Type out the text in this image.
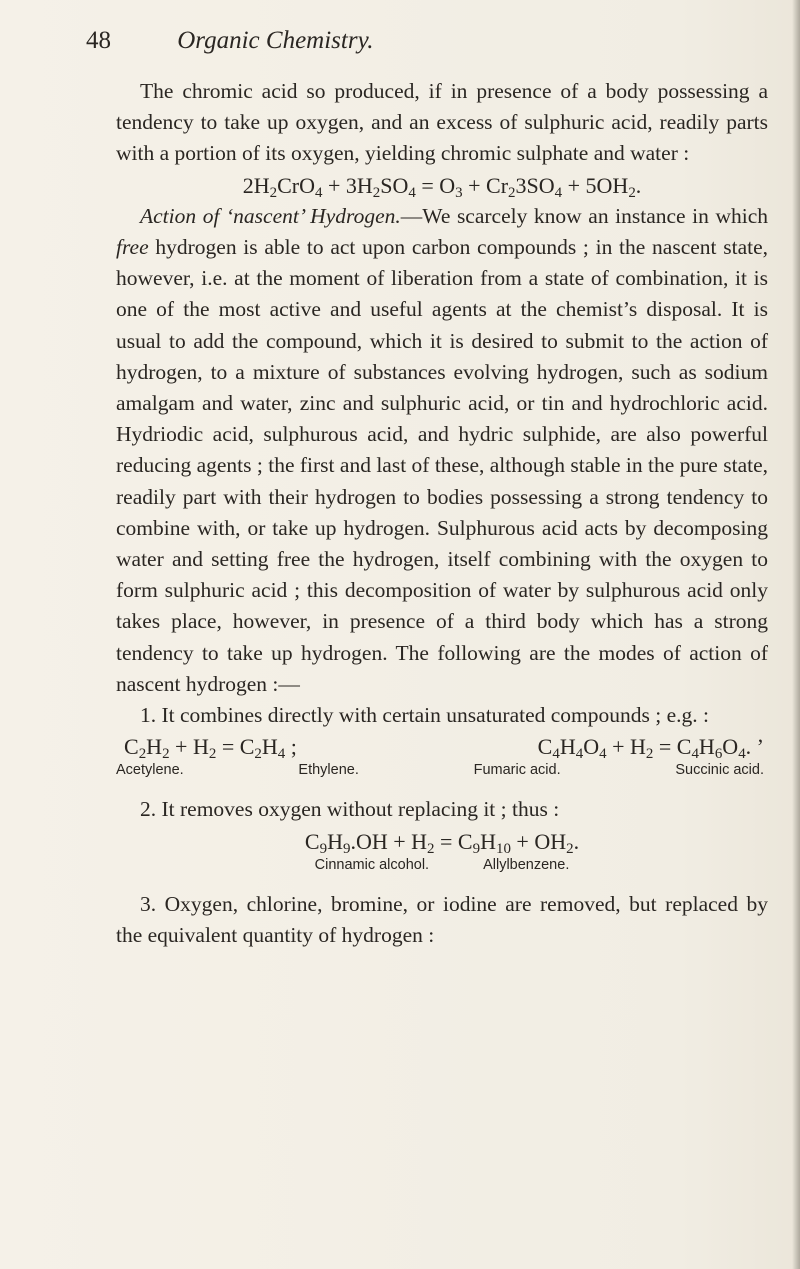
48	Organic Chemistry.

The chromic acid so produced, if in presence of a body possessing a tendency to take up oxygen, and an excess of sulphuric acid, readily parts with a portion of its oxygen, yielding chromic sulphate and water :

$2H_2CrO_4 + 3H_2SO_4 = O_3 + Cr_23SO_4 + 5OH_2$.

Action of ‘nascent’ Hydrogen.—We scarcely know an instance in which free hydrogen is able to act upon carbon compounds ; in the nascent state, however, i.e. at the moment of liberation from a state of combination, it is one of the most active and useful agents at the chemist’s disposal. It is usual to add the compound, which it is desired to submit to the action of hydrogen, to a mixture of substances evolving hydrogen, such as sodium amalgam and water, zinc and sulphuric acid, or tin and hydrochloric acid. Hydriodic acid, sulphurous acid, and hydric sulphide, are also powerful reducing agents ; the first and last of these, although stable in the pure state, readily part with their hydrogen to bodies possessing a strong tendency to combine with, or take up hydrogen. Sulphurous acid acts by decomposing water and setting free the hydrogen, itself combining with the oxygen to form sulphuric acid ; this decomposition of water by sulphurous acid only takes place, however, in presence of a third body which has a strong tendency to take up hydrogen. The following are the modes of action of nascent hydrogen :—

1. It combines directly with certain unsaturated compounds ; e.g. :

$C_2H_2 + H_2 = C_2H_4$ ;	$C_4H_4O_4 + H_2 = C_4H_6O_4$. ’
Acetylene.	Ethylene.	Fumaric acid.	Succinic acid.

2. It removes oxygen without replacing it ; thus :

$C_9H_9.OH + H_2 = C_9H_{10} + OH_2$.

Cinnamic alcohol.	Allylbenzene.

3. Oxygen, chlorine, bromine, or iodine are removed, but replaced by the equivalent quantity of hydrogen :
